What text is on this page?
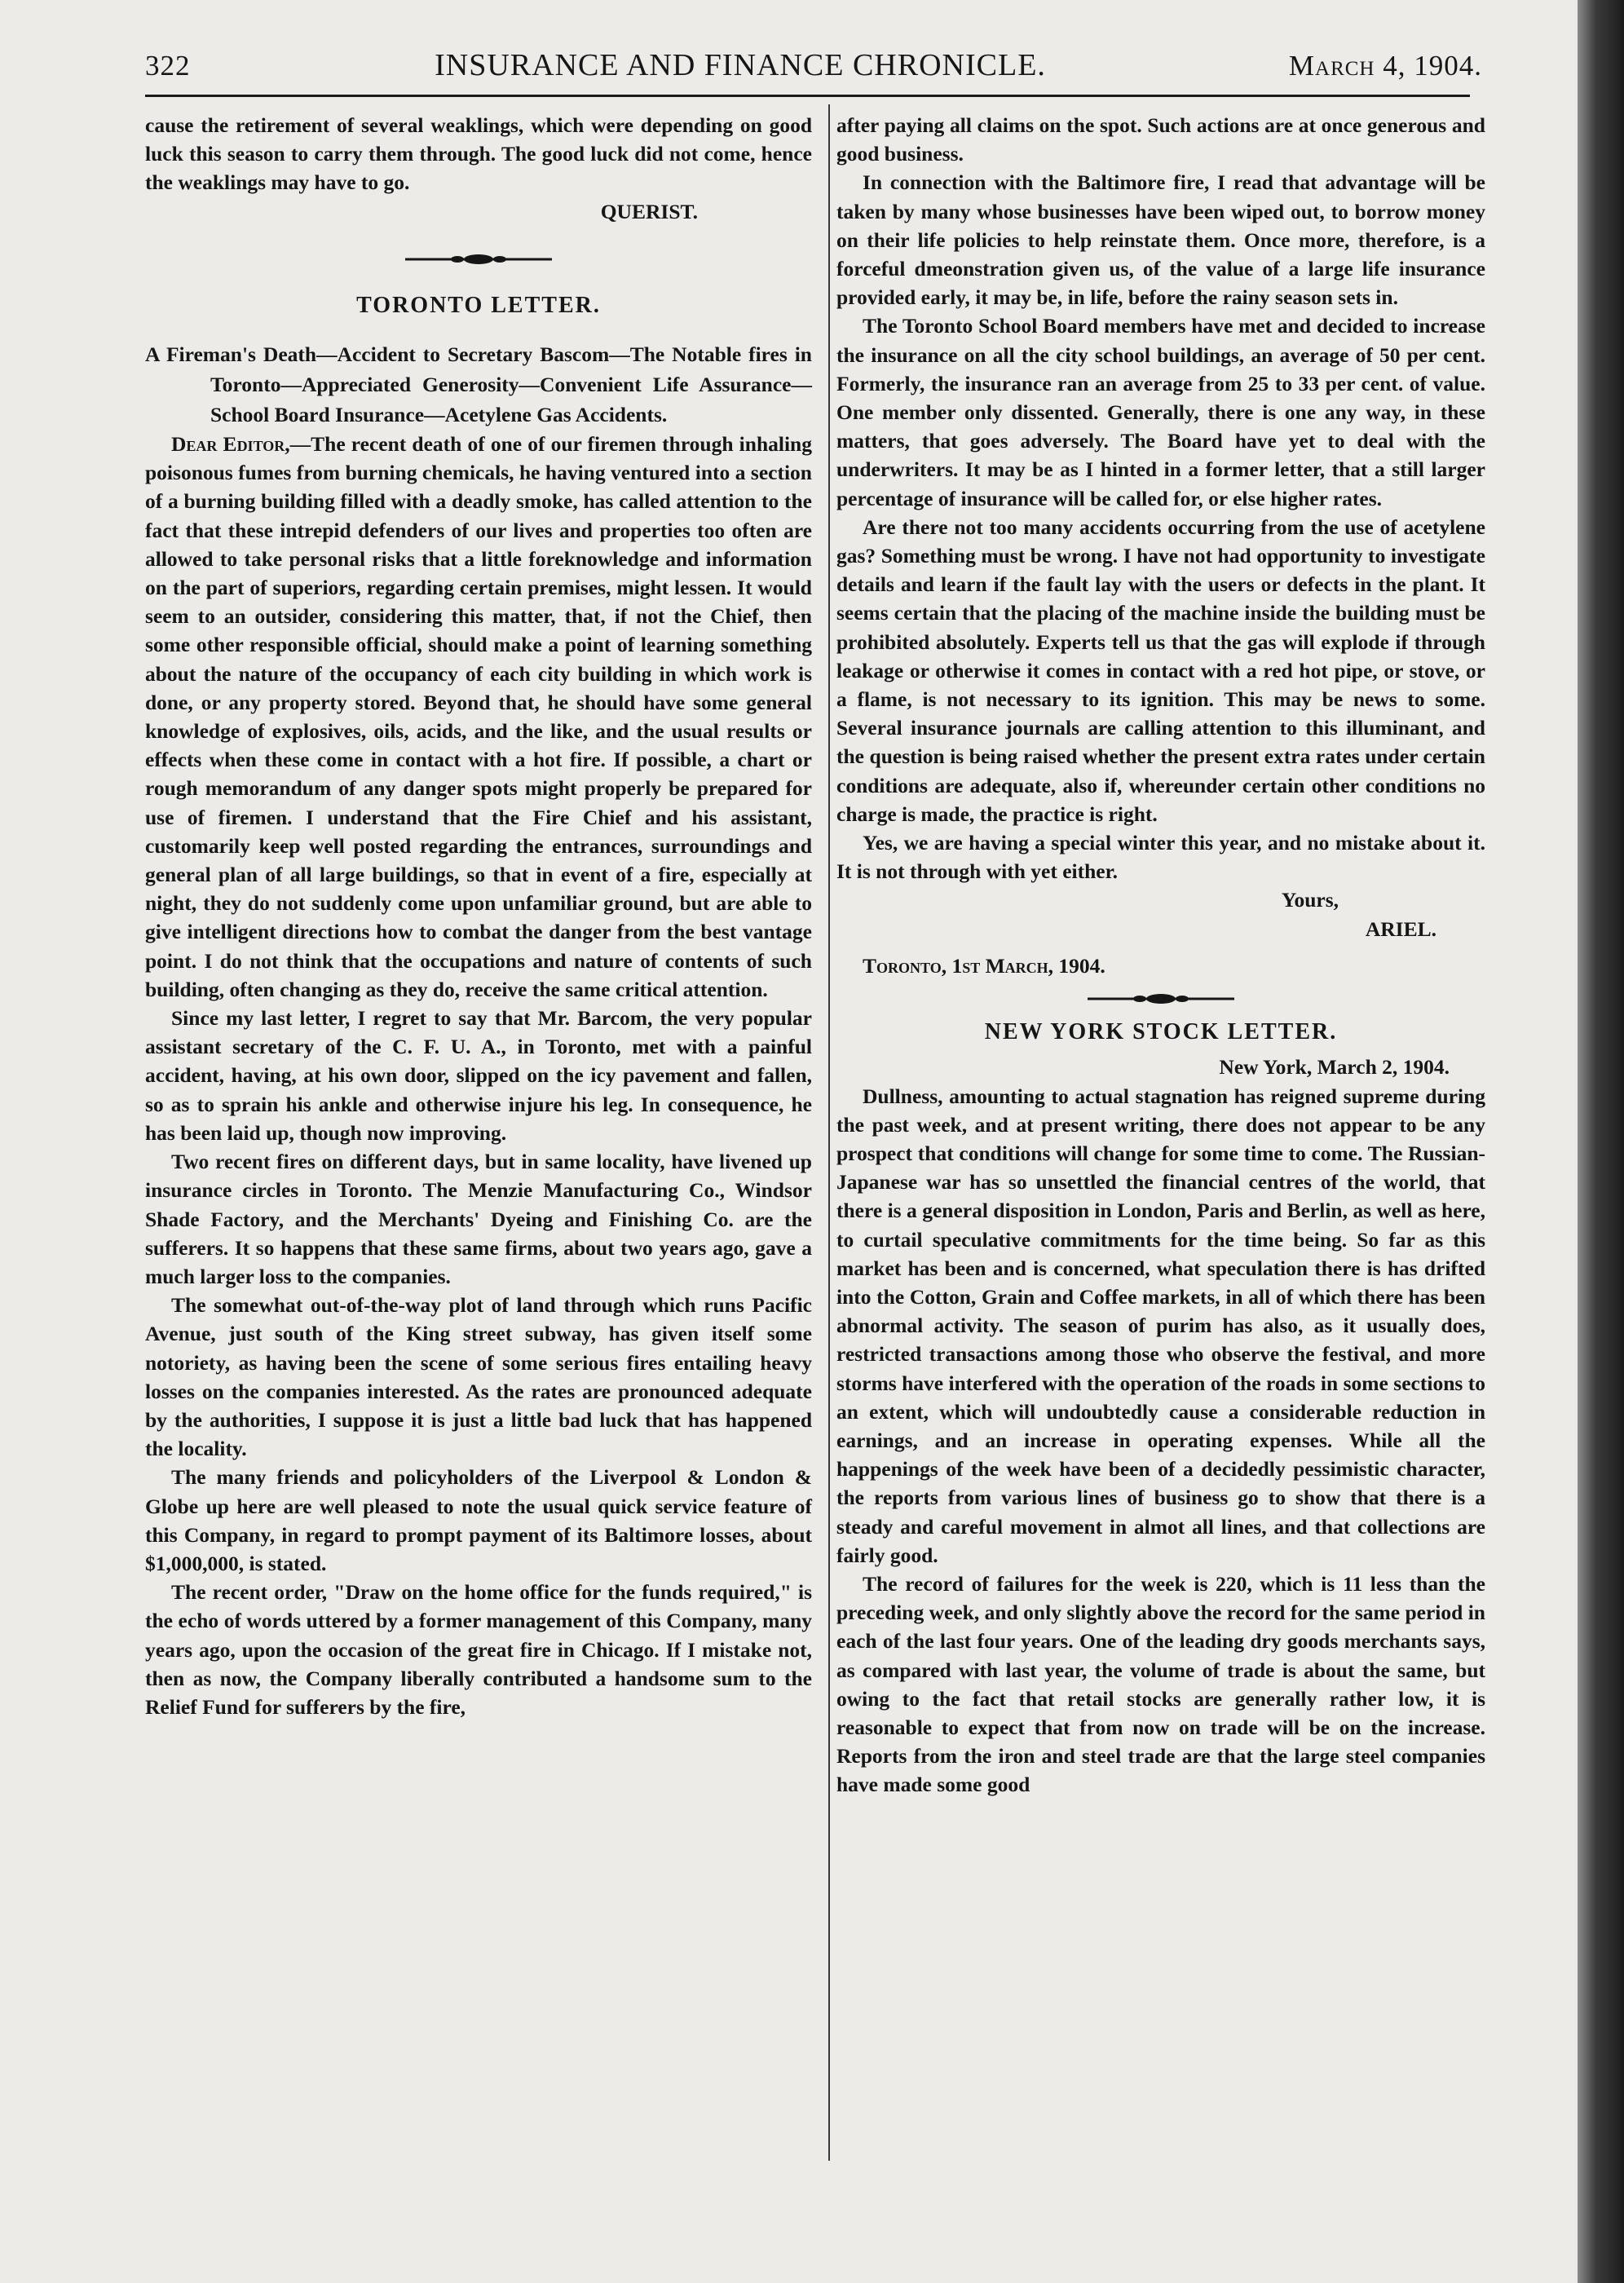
322	INSURANCE AND FINANCE CHRONICLE.	March 4, 1904.

cause the retirement of several weaklings, which were depending on good luck this season to carry them through. The good luck did not come, hence the weaklings may have to go.

QUERIST.

TORONTO LETTER.

A Fireman's Death—Accident to Secretary Bascom—The Notable fires in Toronto—Appreciated Generosity—Convenient Life Assurance—School Board Insurance—Acetylene Gas Accidents.

Dear Editor,—The recent death of one of our firemen through inhaling poisonous fumes from burning chemicals, he having ventured into a section of a burning building filled with a deadly smoke, has called attention to the fact that these intrepid defenders of our lives and properties too often are allowed to take personal risks that a little foreknowledge and information on the part of superiors, regarding certain premises, might lessen. It would seem to an outsider, considering this matter, that, if not the Chief, then some other responsible official, should make a point of learning something about the nature of the occupancy of each city building in which work is done, or any property stored. Beyond that, he should have some general knowledge of explosives, oils, acids, and the like, and the usual results or effects when these come in contact with a hot fire. If possible, a chart or rough memorandum of any danger spots might properly be prepared for use of firemen. I understand that the Fire Chief and his assistant, customarily keep well posted regarding the entrances, surroundings and general plan of all large buildings, so that in event of a fire, especially at night, they do not suddenly come upon unfamiliar ground, but are able to give intelligent directions how to combat the danger from the best vantage point. I do not think that the occupations and nature of contents of such building, often changing as they do, receive the same critical attention.

Since my last letter, I regret to say that Mr. Barcom, the very popular assistant secretary of the C. F. U. A., in Toronto, met with a painful accident, having, at his own door, slipped on the icy pavement and fallen, so as to sprain his ankle and otherwise injure his leg. In consequence, he has been laid up, though now improving.

Two recent fires on different days, but in same locality, have livened up insurance circles in Toronto. The Menzie Manufacturing Co., Windsor Shade Factory, and the Merchants' Dyeing and Finishing Co. are the sufferers. It so happens that these same firms, about two years ago, gave a much larger loss to the companies.

The somewhat out-of-the-way plot of land through which runs Pacific Avenue, just south of the King street subway, has given itself some notoriety, as having been the scene of some serious fires entailing heavy losses on the companies interested. As the rates are pronounced adequate by the authorities, I suppose it is just a little bad luck that has happened the locality.

The many friends and policyholders of the Liverpool & London & Globe up here are well pleased to note the usual quick service feature of this Company, in regard to prompt payment of its Baltimore losses, about $1,000,000, is stated.

The recent order, "Draw on the home office for the funds required," is the echo of words uttered by a former management of this Company, many years ago, upon the occasion of the great fire in Chicago. If I mistake not, then as now, the Company liberally contributed a handsome sum to the Relief Fund for sufferers by the fire,

after paying all claims on the spot. Such actions are at once generous and good business.

In connection with the Baltimore fire, I read that advantage will be taken by many whose businesses have been wiped out, to borrow money on their life policies to help reinstate them. Once more, therefore, is a forceful dmeonstration given us, of the value of a large life insurance provided early, it may be, in life, before the rainy season sets in.

The Toronto School Board members have met and decided to increase the insurance on all the city school buildings, an average of 50 per cent. Formerly, the insurance ran an average from 25 to 33 per cent. of value. One member only dissented. Generally, there is one any way, in these matters, that goes adversely. The Board have yet to deal with the underwriters. It may be as I hinted in a former letter, that a still larger percentage of insurance will be called for, or else higher rates.

Are there not too many accidents occurring from the use of acetylene gas? Something must be wrong. I have not had opportunity to investigate details and learn if the fault lay with the users or defects in the plant. It seems certain that the placing of the machine inside the building must be prohibited absolutely. Experts tell us that the gas will explode if through leakage or otherwise it comes in contact with a red hot pipe, or stove, or a flame, is not necessary to its ignition. This may be news to some. Several insurance journals are calling attention to this illuminant, and the question is being raised whether the present extra rates under certain conditions are adequate, also if, whereunder certain other conditions no charge is made, the practice is right.

Yes, we are having a special winter this year, and no mistake about it. It is not through with yet either.

Yours,

ARIEL.

Toronto, 1st March, 1904.

NEW YORK STOCK LETTER.

New York, March 2, 1904.

Dullness, amounting to actual stagnation has reigned supreme during the past week, and at present writing, there does not appear to be any prospect that conditions will change for some time to come. The Russian-Japanese war has so unsettled the financial centres of the world, that there is a general disposition in London, Paris and Berlin, as well as here, to curtail speculative commitments for the time being. So far as this market has been and is concerned, what speculation there is has drifted into the Cotton, Grain and Coffee markets, in all of which there has been abnormal activity. The season of purim has also, as it usually does, restricted transactions among those who observe the festival, and more storms have interfered with the operation of the roads in some sections to an extent, which will undoubtedly cause a considerable reduction in earnings, and an increase in operating expenses. While all the happenings of the week have been of a decidedly pessimistic character, the reports from various lines of business go to show that there is a steady and careful movement in almot all lines, and that collections are fairly good.

The record of failures for the week is 220, which is 11 less than the preceding week, and only slightly above the record for the same period in each of the last four years. One of the leading dry goods merchants says, as compared with last year, the volume of trade is about the same, but owing to the fact that retail stocks are generally rather low, it is reasonable to expect that from now on trade will be on the increase. Reports from the iron and steel trade are that the large steel companies have made some good
